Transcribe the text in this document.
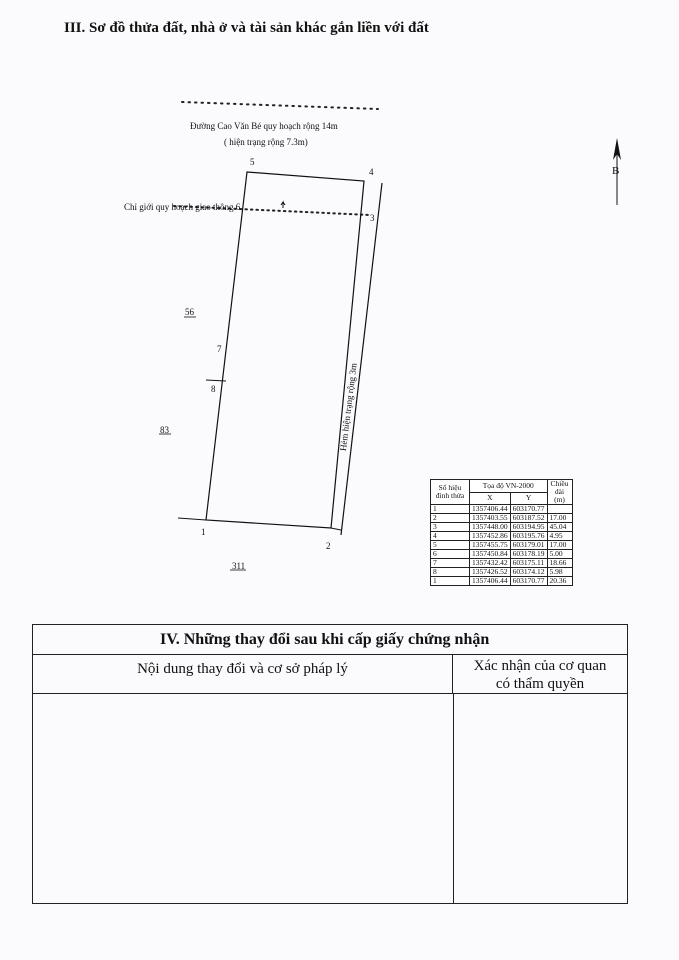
III. Sơ đồ thửa đất, nhà ở và tài sản khác gắn liền với đất
Đường Cao Văn Bé quy hoạch rộng 14m
( hiện trạng rộng 7.3m)
Chỉ giới quy hoạch giao thông 6
Hẻm hiện trạng rộng 3m
B
1
2
3
4
5
7
8
56
83
311
Số hiệu đỉnh thửa	Tọa độ VN-2000		Chiều dài (m)
	X	Y	
1	1357406.44	603170.77	
2	1357403.55	603187.52	17.00
3	1357448.00	603194.95	45.04
4	1357452.86	603195.76	4.95
5	1357455.75	603179.01	17.00
6	1357450.84	603178.19	5.00
7	1357432.42	603175.11	18.66
8	1357426.52	603174.12	5.98
1	1357406.44	603170.77	20.36
IV. Những thay đổi sau khi cấp giấy chứng nhận
Nội dung thay đổi và cơ sở pháp lý	Xác nhận của cơ quan
có thẩm quyền
